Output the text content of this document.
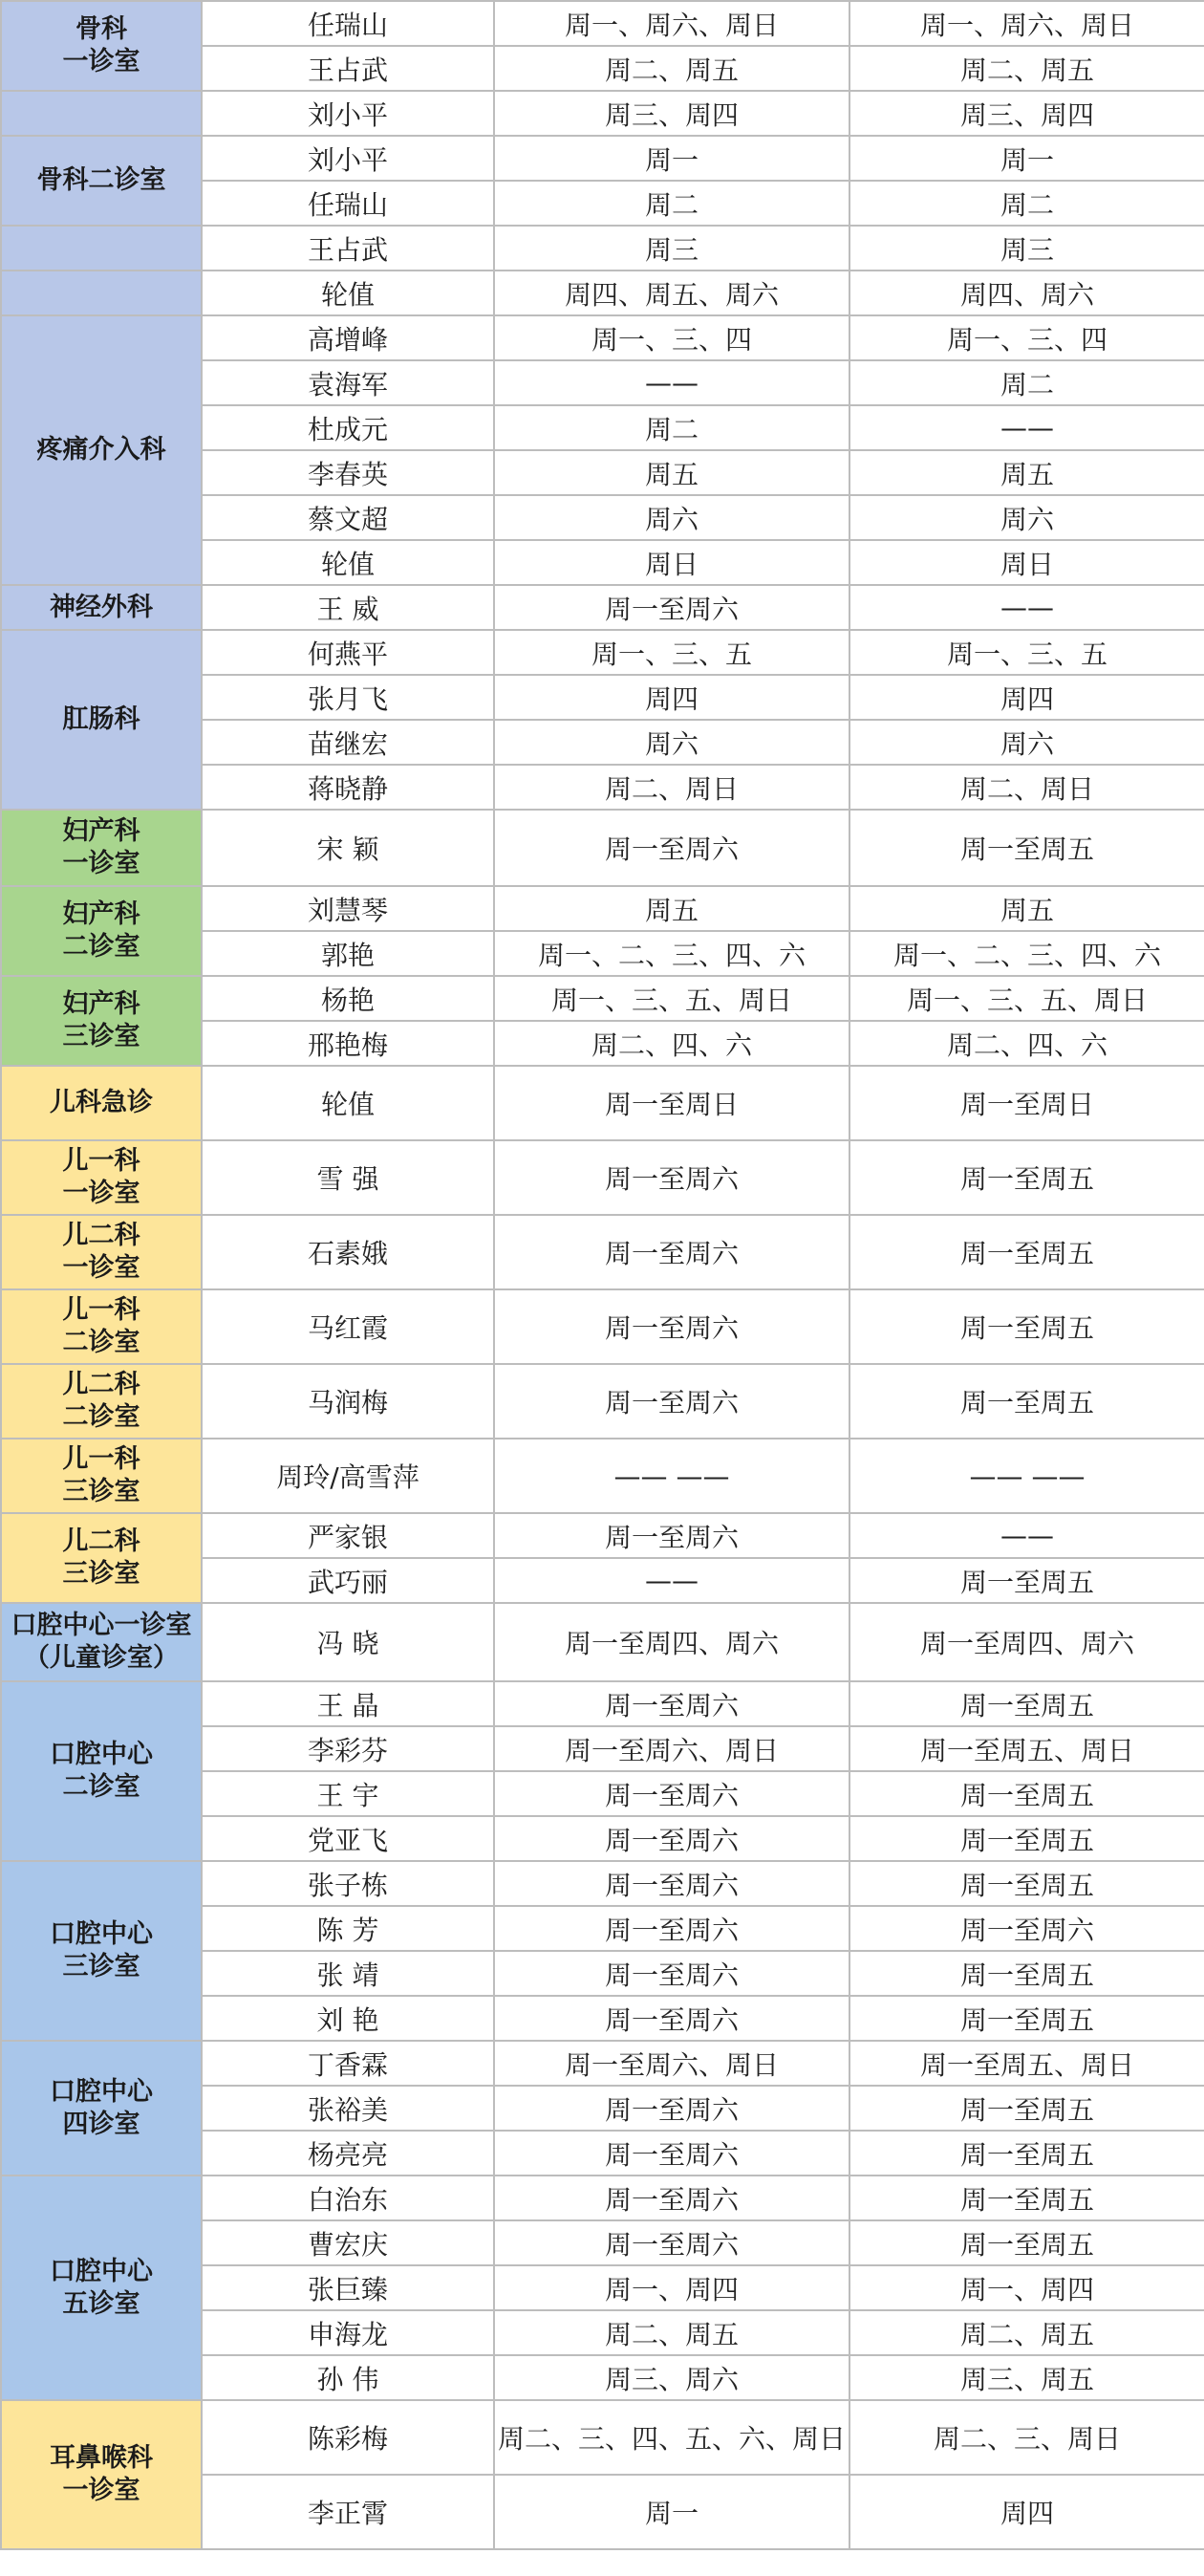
骨科
一诊室	任瑞山	周一、周六、周日	周一、周六、周日
	王占武	周二、周五	周二、周五
	刘小平	周三、周四	周三、周四
骨科二诊室	刘小平	周一	周一
	任瑞山	周二	周二
	王占武	周三	周三
	轮值	周四、周五、周六	周四、周六
疼痛介入科	高增峰	周一、三、四	周一、三、四
	袁海军	——	周二
	杜成元	周二	——
	李春英	周五	周五
	蔡文超	周六	周六
	轮值	周日	周日
神经外科	王 威	周一至周六	——
肛肠科	何燕平	周一、三、五	周一、三、五
	张月飞	周四	周四
	苗继宏	周六	周六
	蒋晓静	周二、周日	周二、周日
妇产科
一诊室	宋 颖	周一至周六	周一至周五
妇产科
二诊室	刘慧琴	周五	周五
	郭艳	周一、二、三、四、六	周一、二、三、四、六
妇产科
三诊室	杨艳	周一、三、五、周日	周一、三、五、周日
	邢艳梅	周二、四、六	周二、四、六
儿科急诊	轮值	周一至周日	周一至周日
儿一科
一诊室	雪 强	周一至周六	周一至周五
儿二科
一诊室	石素娥	周一至周六	周一至周五
儿一科
二诊室	马红霞	周一至周六	周一至周五
儿二科
二诊室	马润梅	周一至周六	周一至周五
儿一科
三诊室	周玲/高雪萍	—— ——	—— ——
儿二科
三诊室	严家银	周一至周六	——
	武巧丽	——	周一至周五
口腔中心一诊室
（儿童诊室）	冯 晓	周一至周四、周六	周一至周四、周六
口腔中心
二诊室	王 晶	周一至周六	周一至周五
	李彩芬	周一至周六、周日	周一至周五、周日
	王 宇	周一至周六	周一至周五
	党亚飞	周一至周六	周一至周五
口腔中心
三诊室	张子栋	周一至周六	周一至周五
	陈 芳	周一至周六	周一至周六
	张 靖	周一至周六	周一至周五
	刘 艳	周一至周六	周一至周五
口腔中心
四诊室	丁香霖	周一至周六、周日	周一至周五、周日
	张裕美	周一至周六	周一至周五
	杨亮亮	周一至周六	周一至周五
口腔中心
五诊室	白治东	周一至周六	周一至周五
	曹宏庆	周一至周六	周一至周五
	张巨臻	周一、周四	周一、周四
	申海龙	周二、周五	周二、周五
	孙 伟	周三、周六	周三、周五
耳鼻喉科
一诊室	陈彩梅	周二、三、四、五、六、周日	周二、三、周日
	李正霄	周一	周四
